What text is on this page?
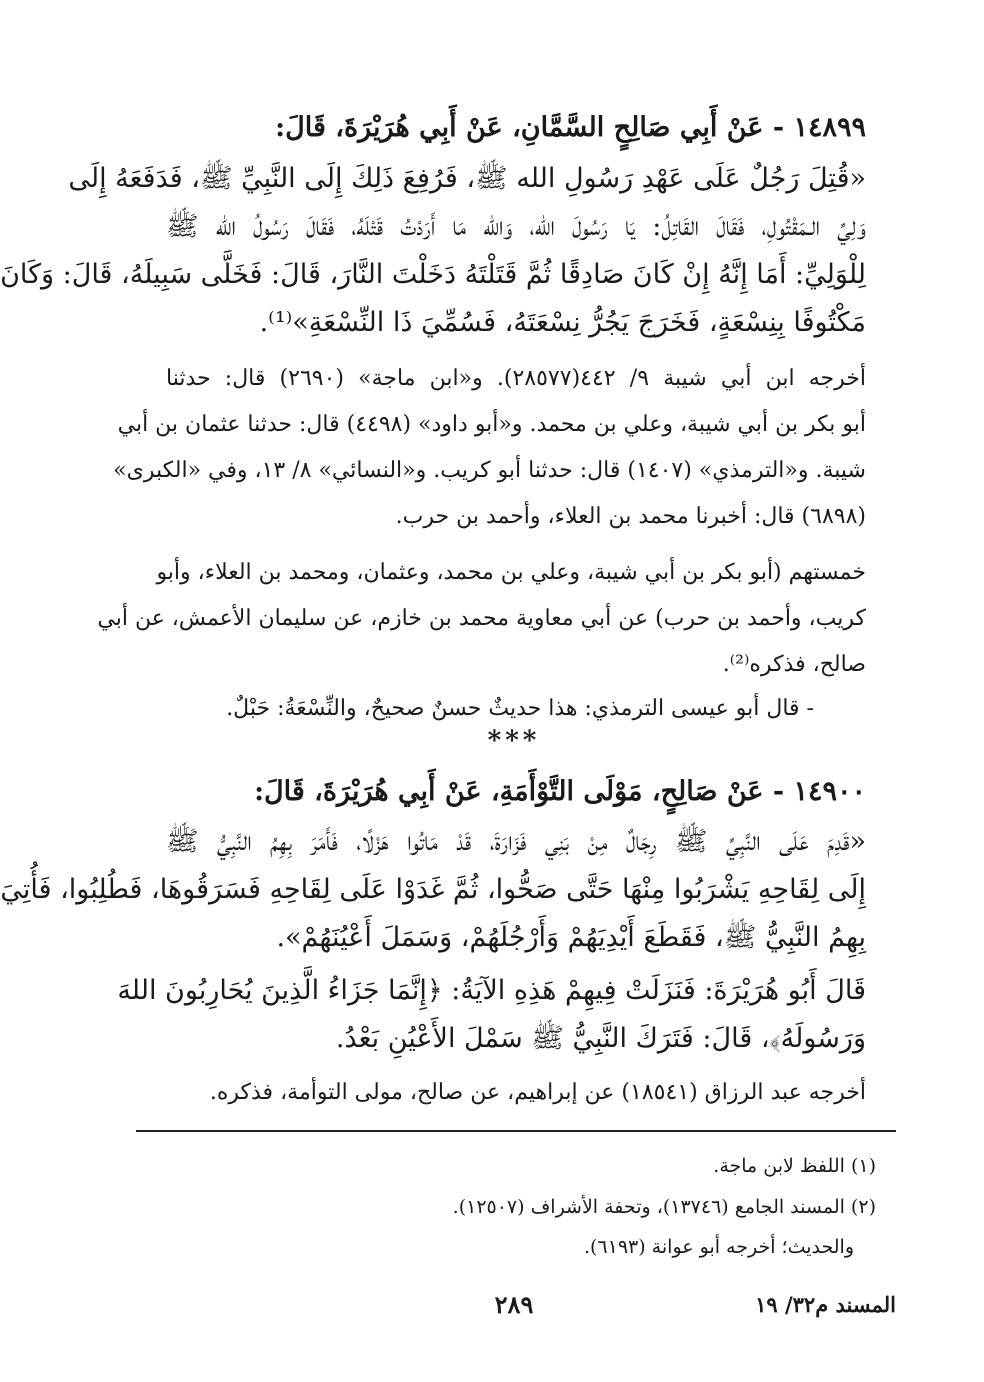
١٤٨٩٩ - عَنْ أَبِي صَالِحٍ السَّمَّانِ، عَنْ أَبِي هُرَيْرَةَ، قَالَ:
«قُتِلَ رَجُلٌ عَلَى عَهْدِ رَسُولِ الله ﷺ، فَرُفِعَ ذَلِكَ إِلَى النَّبِيِّ ﷺ، فَدَفَعَهُ إِلَى
وَلِيِّ الـمَقْتُولِ، فَقَالَ القَاتِلُ: يَا رَسُولَ الله، وَالله مَا أَرَدْتُ قَتْلَهُ، فَقَالَ رَسُولُ الله ﷺ
لِلْوَلِيِّ: أَمَا إِنَّهُ إِنْ كَانَ صَادِقًا ثُمَّ قَتَلْتَهُ دَخَلْتَ النَّارَ، قَالَ: فَخَلَّى سَبِيلَهُ، قَالَ: وَكَانَ
مَكْتُوفًا بِنِسْعَةٍ، فَخَرَجَ يَجُرُّ نِسْعَتَهُ، فَسُمِّيَ ذَا النِّسْعَةِ»⁽¹⁾.
أخرجه ابن أبي شيبة ٩/ ٤٤٢(٢٨٥٧٧). و«ابن ماجة» (٢٦٩٠) قال: حدثنا
أبو بكر بن أبي شيبة، وعلي بن محمد. و«أبو داود» (٤٤٩٨) قال: حدثنا عثمان بن أبي
شيبة. و«الترمذي» (١٤٠٧) قال: حدثنا أبو كريب. و«النسائي» ٨/ ١٣، وفي «الكبرى»
(٦٨٩٨) قال: أخبرنا محمد بن العلاء، وأحمد بن حرب.
خمستهم (أبو بكر بن أبي شيبة، وعلي بن محمد، وعثمان، ومحمد بن العلاء، وأبو
كريب، وأحمد بن حرب) عن أبي معاوية محمد بن خازم، عن سليمان الأعمش، عن أبي
صالح، فذكره⁽²⁾.
- قال أبو عيسى الترمذي: هذا حديثٌ حسنٌ صحيحٌ، والنِّسْعَةُ: حَبْلٌ.
***
١٤٩٠٠ - عَنْ صَالِحٍ، مَوْلَى التَّوْأَمَةِ، عَنْ أَبِي هُرَيْرَةَ، قَالَ:
«قَدِمَ عَلَى النَّبِيِّ ﷺ رِجَالٌ مِنْ بَنِي فَزَارَةَ، قَدْ مَاتُوا هَزْلًا، فَأَمَرَ بِهِمُ النَّبِيُّ ﷺ
إِلَى لِقَاحِهِ يَشْرَبُوا مِنْهَا حَتَّى صَحُّوا، ثُمَّ غَدَوْا عَلَى لِقَاحِهِ فَسَرَقُوهَا، فَطُلِبُوا، فَأُتِيَ
بِهِمُ النَّبِيُّ ﷺ، فَقَطَعَ أَيْدِيَهُمْ وَأَرْجُلَهُمْ، وَسَمَلَ أَعْيُنَهُمْ».
قَالَ أَبُو هُرَيْرَةَ: فَنَزَلَتْ فِيهِمْ هَذِهِ الآيَةُ: ﴿إِنَّمَا جَزَاءُ الَّذِينَ يُحَارِبُونَ اللهَ
وَرَسُولَهُ﴾، قَالَ: فَتَرَكَ النَّبِيُّ ﷺ سَمْلَ الأَعْيُنِ بَعْدُ.
أخرجه عبد الرزاق (١٨٥٤١) عن إبراهيم، عن صالح، مولى التوأمة، فذكره.
(١) اللفظ لابن ماجة.
(٢) المسند الجامع (١٣٧٤٦)، وتحفة الأشراف (١٢٥٠٧).
والحديث؛ أخرجه أبو عوانة (٦١٩٣).
٢٨٩	المسند م٣٢/ ١٩
